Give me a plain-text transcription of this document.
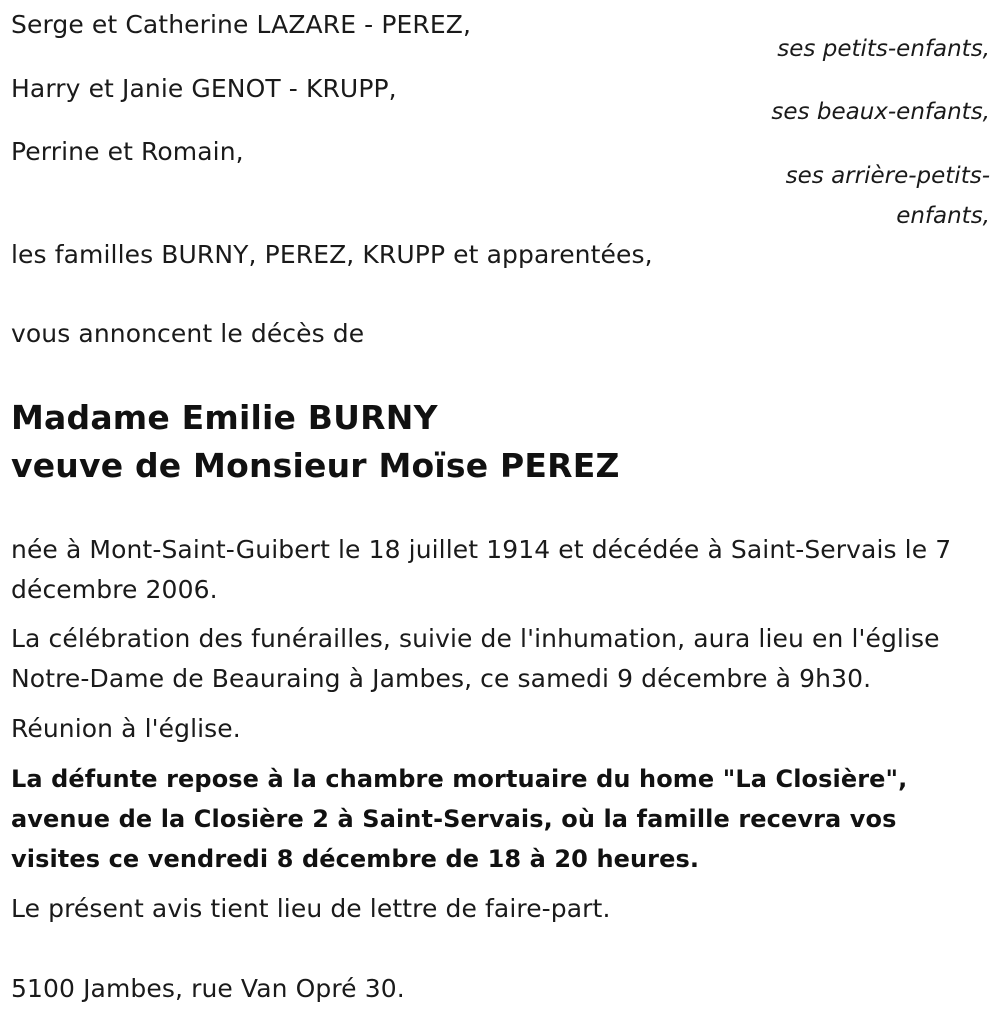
Serge et Catherine LAZARE - PEREZ,
ses petits-enfants,
Harry et Janie GENOT - KRUPP,
ses beaux-enfants,
Perrine et Romain,
ses arrière-petits-enfants,
les familles BURNY, PEREZ, KRUPP et apparentées,
vous annoncent le décès de
Madame Emilie BURNY
veuve de Monsieur Moïse PEREZ
née à Mont-Saint-Guibert le 18 juillet 1914 et décédée à Saint-Servais le 7 décembre 2006.
La célébration des funérailles, suivie de l'inhumation, aura lieu en l'église Notre-Dame de Beauraing à Jambes, ce samedi 9 décembre à 9h30.
Réunion à l'église.
La défunte repose à la chambre mortuaire du home "La Closière", avenue de la Closière 2 à Saint-Servais, où la famille recevra vos visites ce vendredi 8 décembre de 18 à 20 heures.
Le présent avis tient lieu de lettre de faire-part.
5100 Jambes, rue Van Opré 30.
